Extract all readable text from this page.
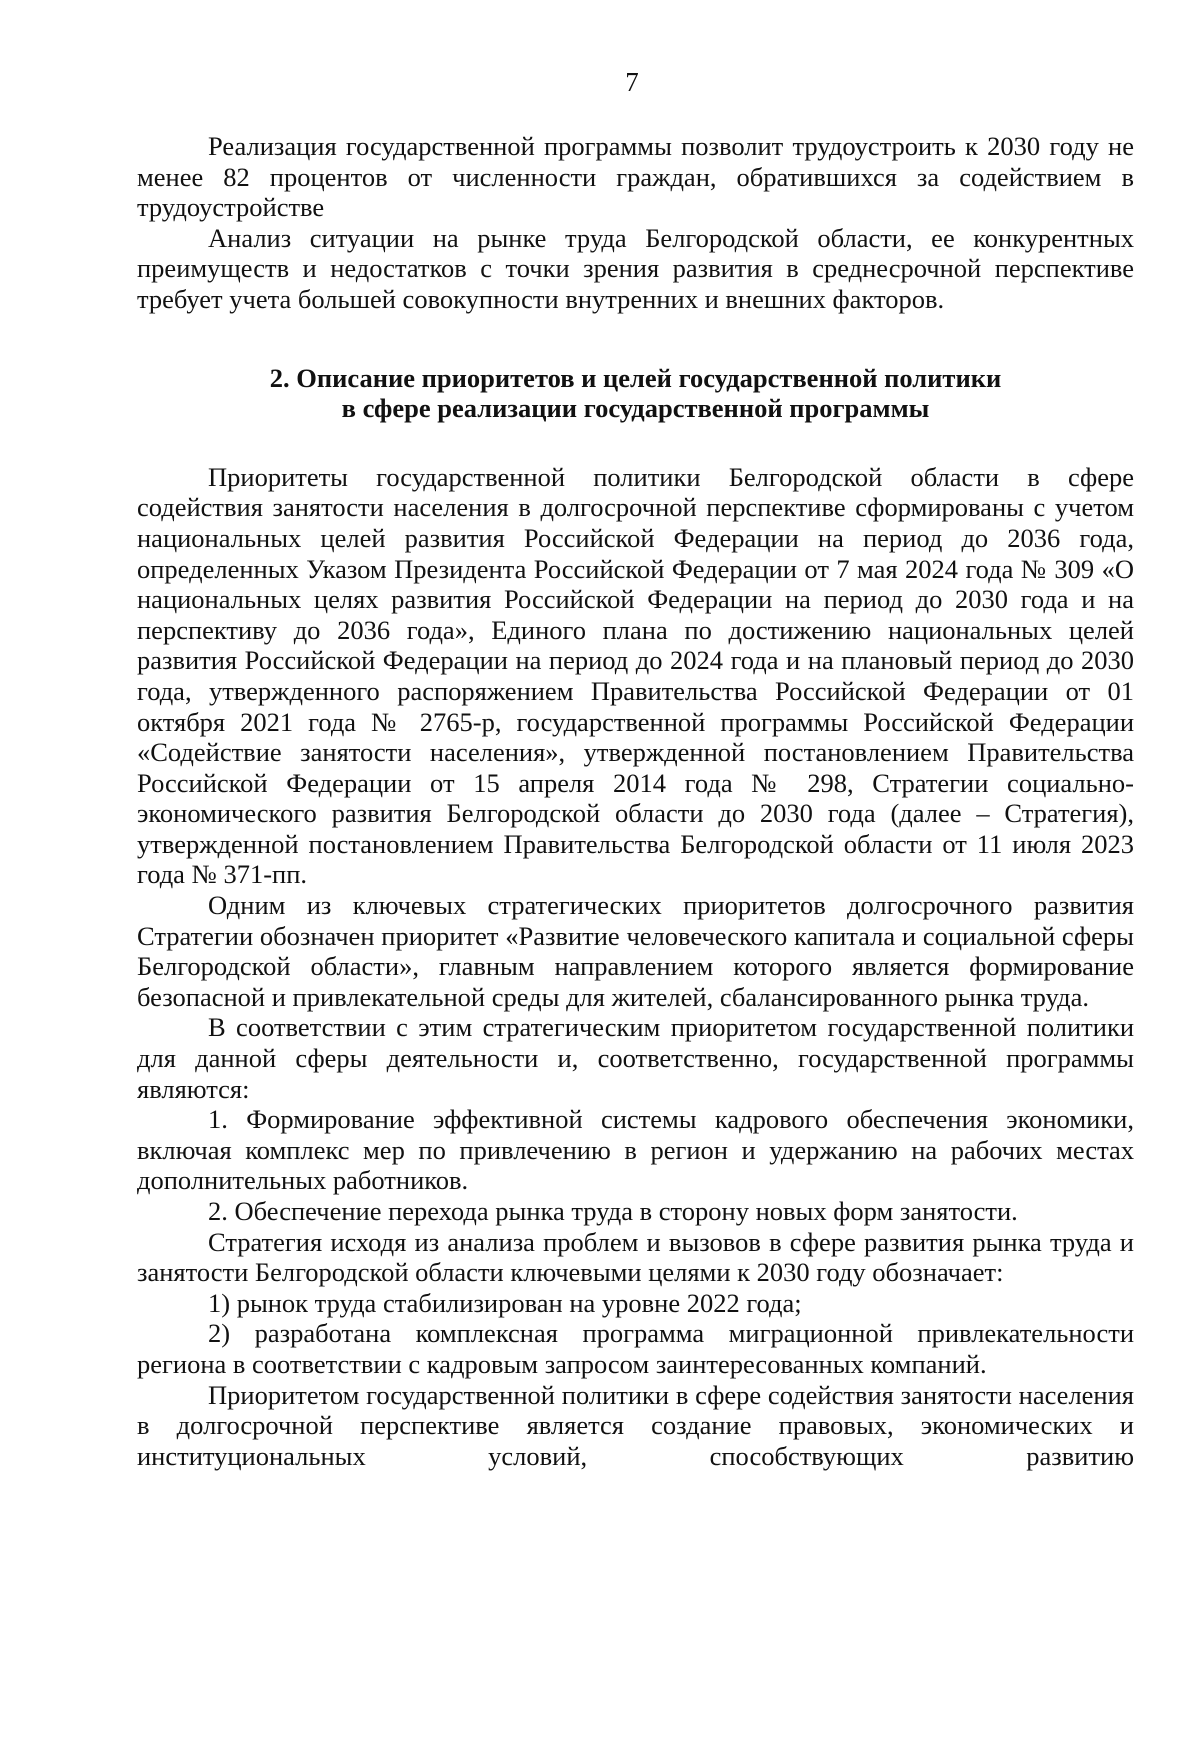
7

Реализация государственной программы позволит трудоустроить к 2030 году не менее 82 процентов от численности граждан, обратившихся за содействием в трудоустройстве

Анализ ситуации на рынке труда Белгородской области, ее конкурентных преимуществ и недостатков с точки зрения развития в среднесрочной перспективе требует учета большей совокупности внутренних и внешних факторов.

2. Описание приоритетов и целей государственной политики
в сфере реализации государственной программы

Приоритеты государственной политики Белгородской области в сфере содействия занятости населения в долгосрочной перспективе сформированы с учетом национальных целей развития Российской Федерации на период до 2036 года, определенных Указом Президента Российской Федерации от 7 мая 2024 года № 309 «О национальных целях развития Российской Федерации на период до 2030 года и на перспективу до 2036 года», Единого плана по достижению национальных целей развития Российской Федерации на период до 2024 года и на плановый период до 2030 года, утвержденного распоряжением Правительства Российской Федерации от 01 октября 2021 года № 2765-р, государственной программы Российской Федерации «Содействие занятости населения», утвержденной постановлением Правительства Российской Федерации от 15 апреля 2014 года № 298, Стратегии социально-экономического развития Белгородской области до 2030 года (далее – Стратегия), утвержденной постановлением Правительства Белгородской области от 11 июля 2023 года № 371-пп.

Одним из ключевых стратегических приоритетов долгосрочного развития Стратегии обозначен приоритет «Развитие человеческого капитала и социальной сферы Белгородской области», главным направлением которого является формирование безопасной и привлекательной среды для жителей, сбалансированного рынка труда.

В соответствии с этим стратегическим приоритетом государственной политики для данной сферы деятельности и, соответственно, государственной программы являются:

1. Формирование эффективной системы кадрового обеспечения экономики, включая комплекс мер по привлечению в регион и удержанию на рабочих местах дополнительных работников.

2. Обеспечение перехода рынка труда в сторону новых форм занятости.

Стратегия исходя из анализа проблем и вызовов в сфере развития рынка труда и занятости Белгородской области ключевыми целями к 2030 году обозначает:

1) рынок труда стабилизирован на уровне 2022 года;

2) разработана комплексная программа миграционной привлекательности региона в соответствии с кадровым запросом заинтересованных компаний.

Приоритетом государственной политики в сфере содействия занятости населения в долгосрочной перспективе является создание правовых, экономических и институциональных условий, способствующих развитию
